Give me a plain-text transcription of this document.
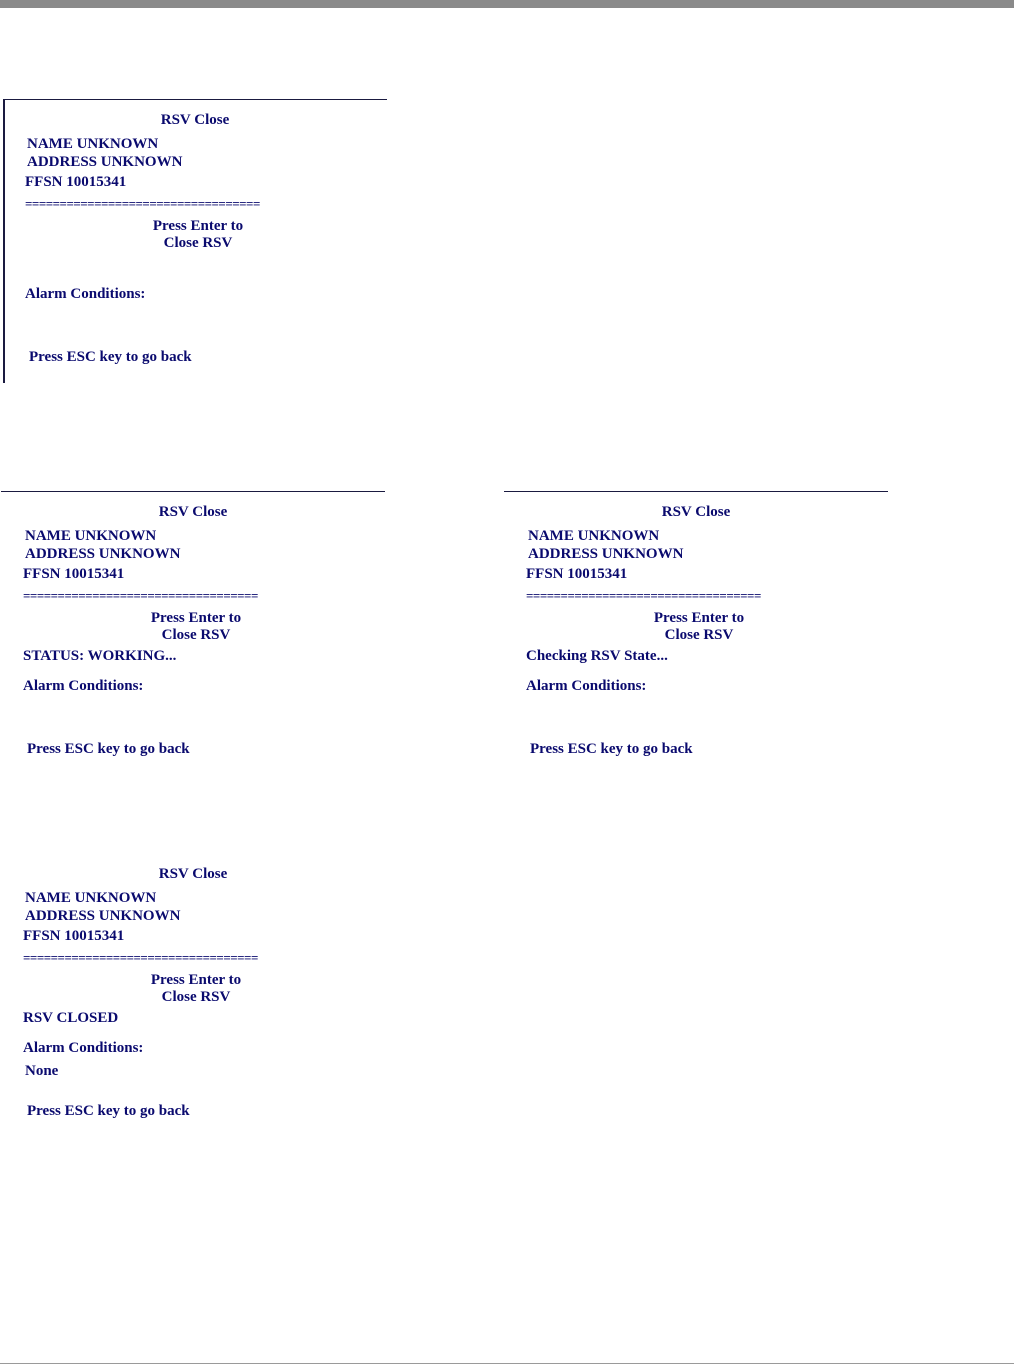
RSV Close
NAME UNKNOWN
ADDRESS UNKNOWN
FFSN 10015341
==================================
Press Enter to
Close RSV
Alarm Conditions:
Press ESC key to go back
RSV Close
NAME UNKNOWN
ADDRESS UNKNOWN
FFSN 10015341
==================================
Press Enter to
Close RSV
STATUS: WORKING...
Alarm Conditions:
Press ESC key to go back
RSV Close
NAME UNKNOWN
ADDRESS UNKNOWN
FFSN 10015341
==================================
Press Enter to
Close RSV
Checking RSV State...
Alarm Conditions:
Press ESC key to go back
RSV Close
NAME UNKNOWN
ADDRESS UNKNOWN
FFSN 10015341
==================================
Press Enter to
Close RSV
RSV CLOSED
Alarm Conditions:
None
Press ESC key to go back
